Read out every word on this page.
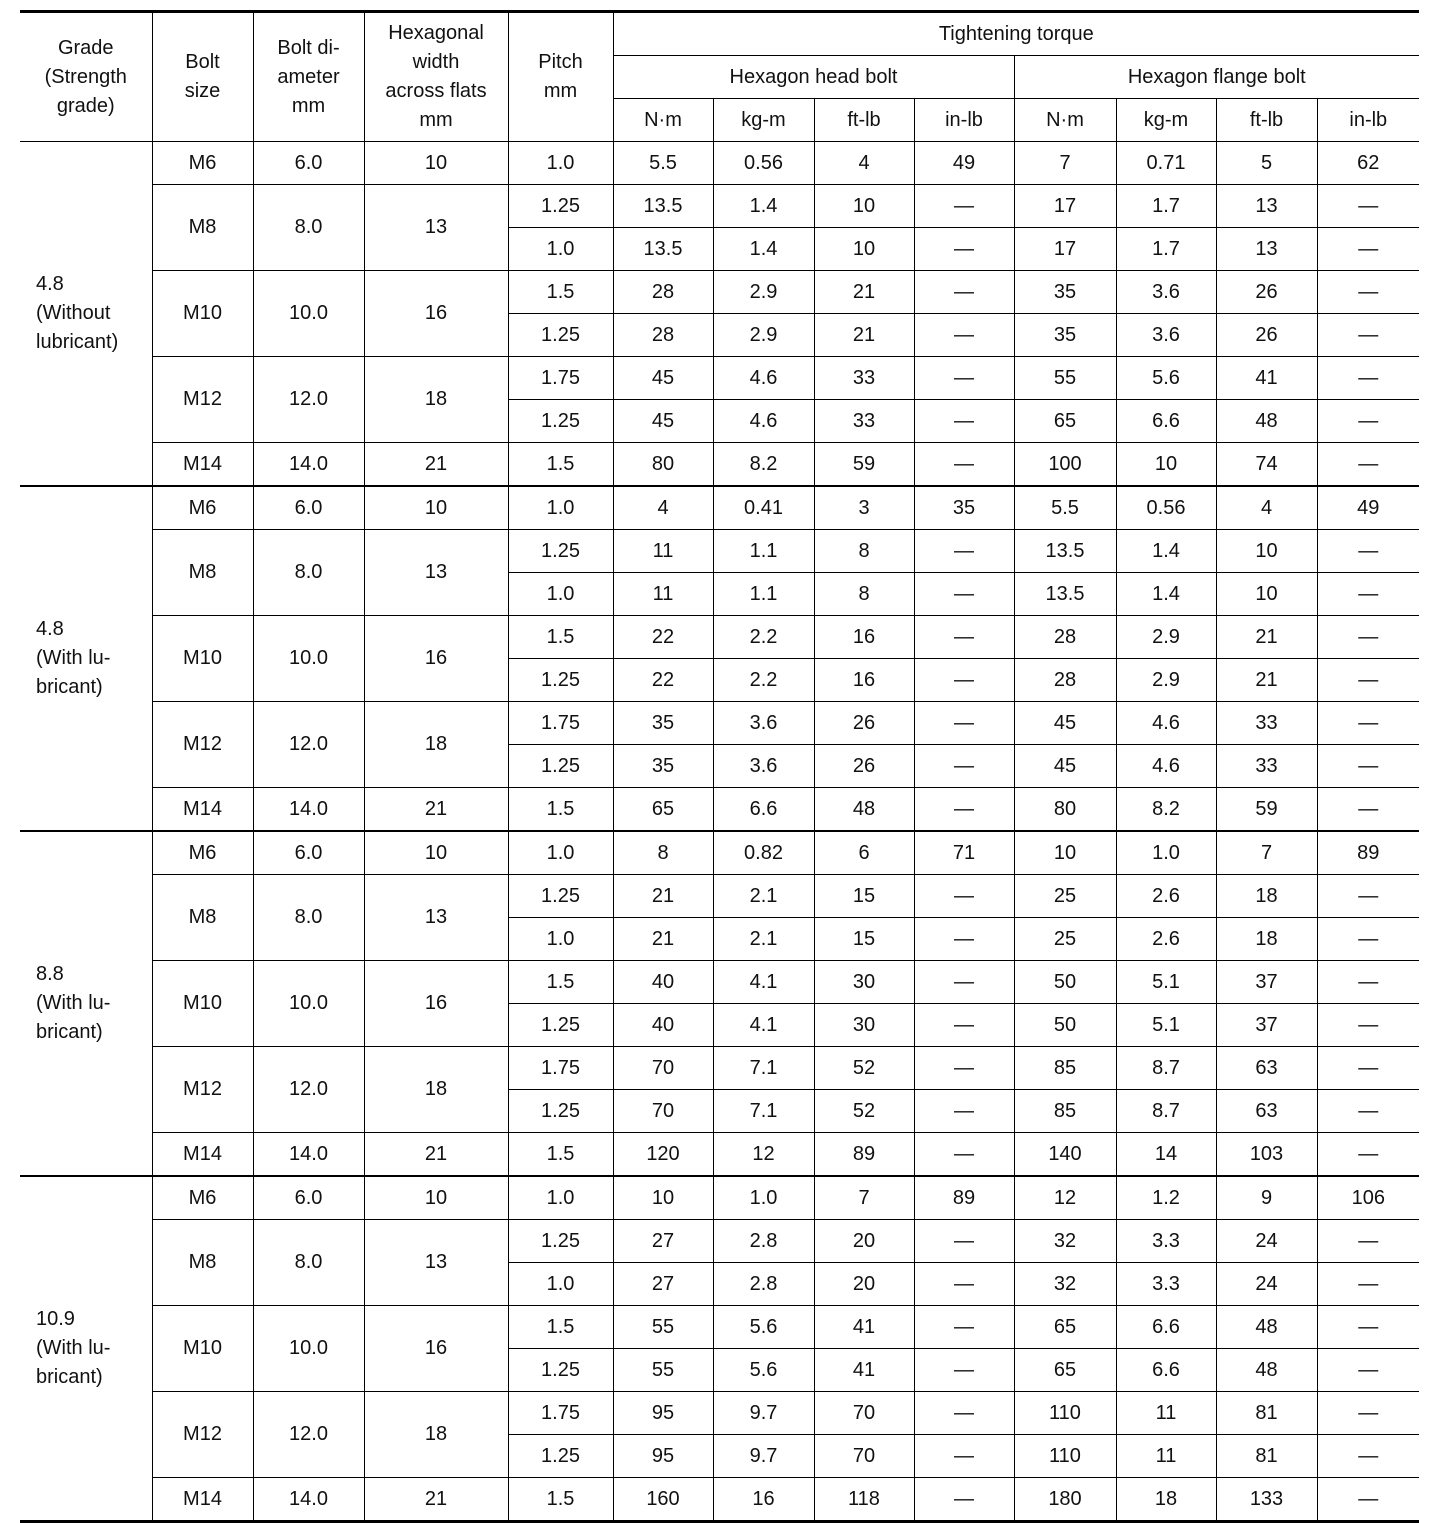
Grade
(Strength
grade)	Bolt
size	Bolt di-
ameter
mm	Hexagonal
width
across flats
mm	Pitch
mm	Tightening torque							
					Hexagon head bolt				Hexagon flange bolt			
					N·m	kg-m	ft-lb	in-lb	N·m	kg-m	ft-lb	in-lb
4.8
(Without
lubricant)	M6	6.0	10	1.0	5.5	0.56	4	49	7	0.71	5	62
	M8	8.0	13	1.25	13.5	1.4	10	—	17	1.7	13	—
				1.0	13.5	1.4	10	—	17	1.7	13	—
	M10	10.0	16	1.5	28	2.9	21	—	35	3.6	26	—
				1.25	28	2.9	21	—	35	3.6	26	—
	M12	12.0	18	1.75	45	4.6	33	—	55	5.6	41	—
				1.25	45	4.6	33	—	65	6.6	48	—
	M14	14.0	21	1.5	80	8.2	59	—	100	10	74	—
4.8
(With lu-
bricant)	M6	6.0	10	1.0	4	0.41	3	35	5.5	0.56	4	49
	M8	8.0	13	1.25	11	1.1	8	—	13.5	1.4	10	—
				1.0	11	1.1	8	—	13.5	1.4	10	—
	M10	10.0	16	1.5	22	2.2	16	—	28	2.9	21	—
				1.25	22	2.2	16	—	28	2.9	21	—
	M12	12.0	18	1.75	35	3.6	26	—	45	4.6	33	—
				1.25	35	3.6	26	—	45	4.6	33	—
	M14	14.0	21	1.5	65	6.6	48	—	80	8.2	59	—
8.8
(With lu-
bricant)	M6	6.0	10	1.0	8	0.82	6	71	10	1.0	7	89
	M8	8.0	13	1.25	21	2.1	15	—	25	2.6	18	—
				1.0	21	2.1	15	—	25	2.6	18	—
	M10	10.0	16	1.5	40	4.1	30	—	50	5.1	37	—
				1.25	40	4.1	30	—	50	5.1	37	—
	M12	12.0	18	1.75	70	7.1	52	—	85	8.7	63	—
				1.25	70	7.1	52	—	85	8.7	63	—
	M14	14.0	21	1.5	120	12	89	—	140	14	103	—
10.9
(With lu-
bricant)	M6	6.0	10	1.0	10	1.0	7	89	12	1.2	9	106
	M8	8.0	13	1.25	27	2.8	20	—	32	3.3	24	—
				1.0	27	2.8	20	—	32	3.3	24	—
	M10	10.0	16	1.5	55	5.6	41	—	65	6.6	48	—
				1.25	55	5.6	41	—	65	6.6	48	—
	M12	12.0	18	1.75	95	9.7	70	—	110	11	81	—
				1.25	95	9.7	70	—	110	11	81	—
	M14	14.0	21	1.5	160	16	118	—	180	18	133	—
